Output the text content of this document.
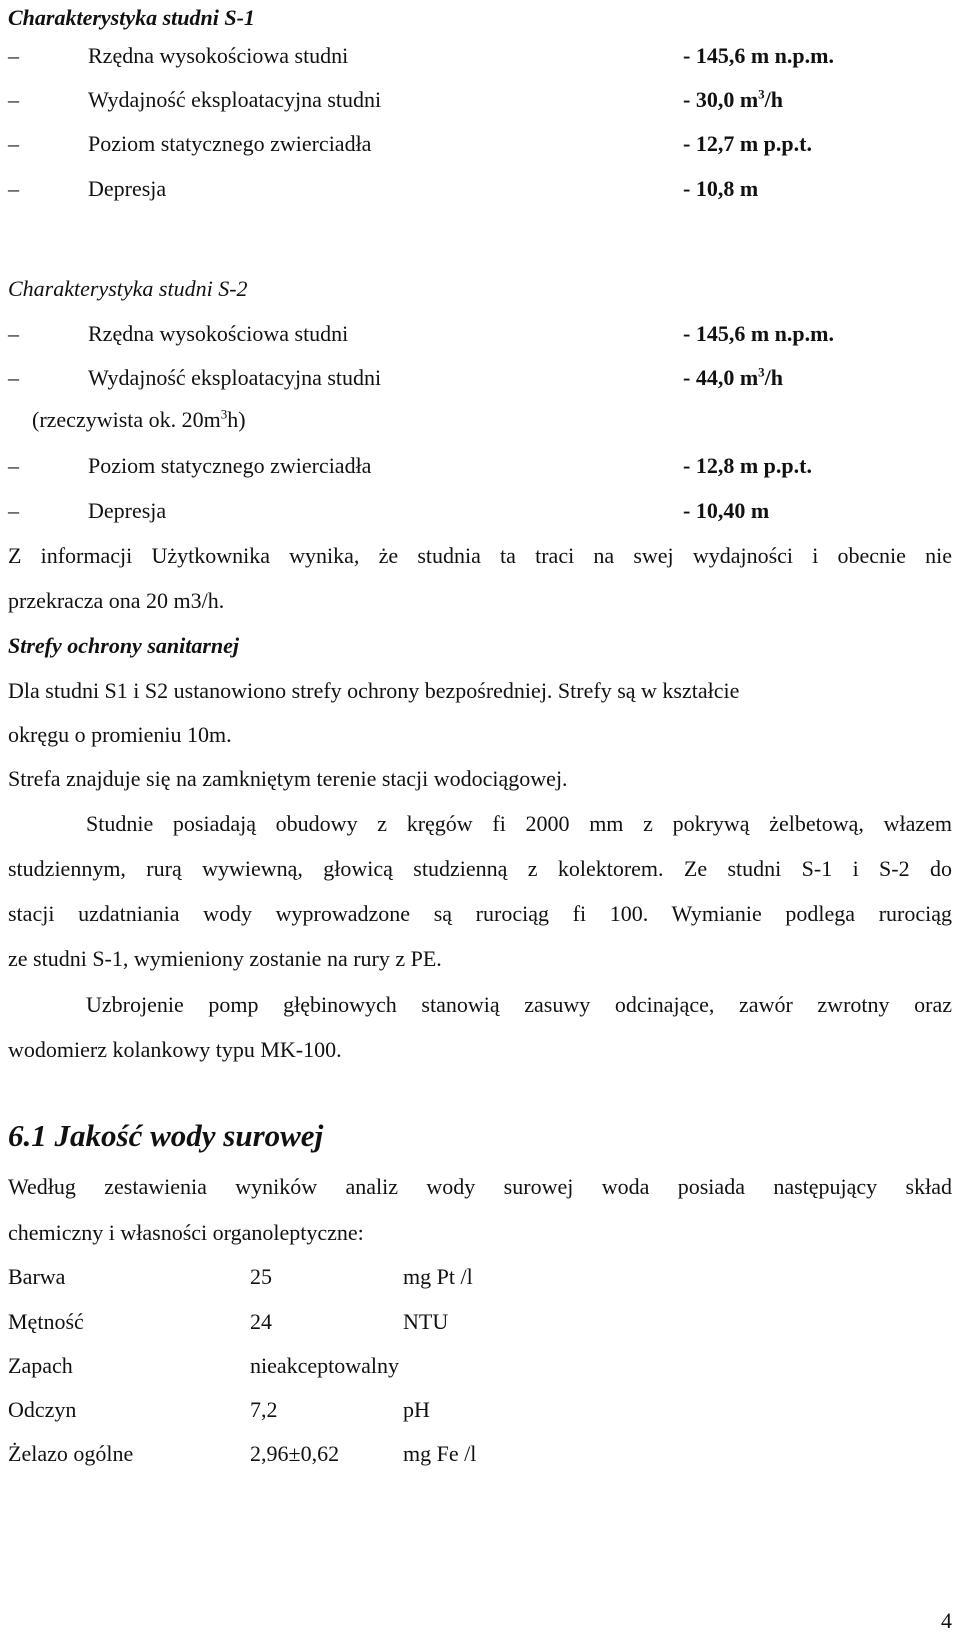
Charakterystyka studni S-1
–	Rzędna wysokościowa studni	- 145,6 m n.p.m.
–	Wydajność eksploatacyjna studni	- 30,0 $m^3/h$
–	Poziom statycznego zwierciadła	- 12,7 m p.p.t.
–	Depresja	- 10,8 m
Charakterystyka studni S-2
–	Rzędna wysokościowa studni	- 145,6 m n.p.m.
–	Wydajność eksploatacyjna studni	- 44,0 $m^3/h$
(rzeczywista ok. $20m^3h$)
–	Poziom statycznego zwierciadła	- 12,8 m p.p.t.
–	Depresja	- 10,40 m
Z informacji Użytkownika wynika, że studnia ta traci na swej wydajności i obecnie nie
przekracza ona 20 m3/h.
Strefy ochrony sanitarnej
Dla studni S1 i S2 ustanowiono strefy ochrony bezpośredniej. Strefy są w kształcie
okręgu o promieniu 10m.
Strefa znajduje się na zamkniętym terenie stacji wodociągowej.
Studnie posiadają obudowy z kręgów fi 2000 mm z pokrywą żelbetową, włazem
studziennym, rurą wywiewną, głowicą studzienną z kolektorem. Ze studni S-1 i S-2 do
stacji uzdatniania wody wyprowadzone są rurociąg fi 100. Wymianie podlega rurociąg
ze studni S-1, wymieniony zostanie na rury z PE.
Uzbrojenie pomp głębinowych stanowią zasuwy odcinające, zawór zwrotny oraz
wodomierz kolankowy typu MK-100.
6.1 Jakość wody surowej
Według zestawienia wyników analiz wody surowej woda posiada następujący skład
chemiczny i własności organoleptyczne:
Barwa	25	mg Pt /l
Mętność	24	NTU
Zapach	nieakceptowalny
Odczyn	7,2	pH
Żelazo ogólne	2,96±0,62	mg Fe /l
4
